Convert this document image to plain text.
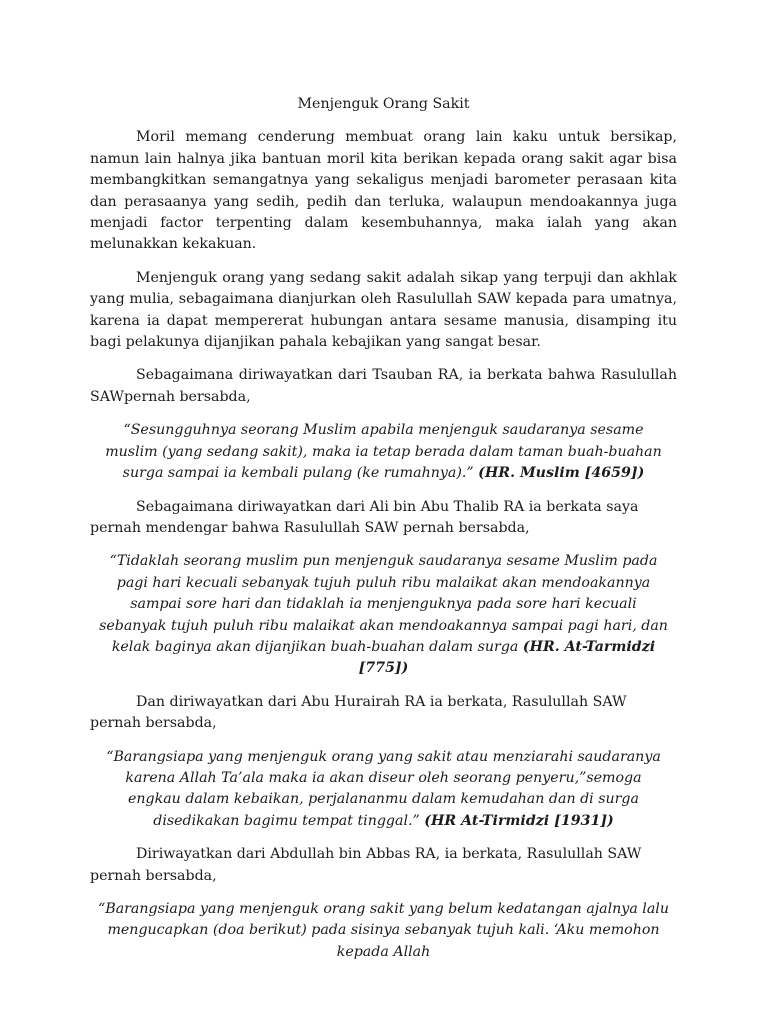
Menjenguk Orang Sakit

Moril memang cenderung membuat orang lain kaku untuk bersikap, namun lain halnya jika bantuan moril kita berikan kepada orang sakit agar bisa membangkitkan semangatnya yang sekaligus menjadi barometer perasaan kita dan perasaanya yang sedih, pedih dan terluka, walaupun mendoakannya juga menjadi factor terpenting dalam kesembuhannya, maka ialah yang akan melunakkan kekakuan.

Menjenguk orang yang sedang sakit adalah sikap yang terpuji dan akhlak yang mulia, sebagaimana dianjurkan oleh Rasulullah SAW kepada para umatnya, karena ia dapat mempererat hubungan antara sesame manusia, disamping itu bagi pelakunya dijanjikan pahala kebajikan yang sangat besar.

Sebagaimana diriwayatkan dari Tsauban RA, ia berkata bahwa Rasulullah SAWpernah bersabda,

“Sesungguhnya seorang Muslim apabila menjenguk saudaranya sesame muslim (yang sedang sakit), maka ia tetap berada dalam taman buah-buahan surga sampai ia kembali pulang (ke rumahnya).” (HR. Muslim [4659])

Sebagaimana diriwayatkan dari Ali bin Abu Thalib RA ia berkata saya pernah mendengar bahwa Rasulullah SAW pernah bersabda,

“Tidaklah seorang muslim pun menjenguk saudaranya sesame Muslim pada pagi hari kecuali sebanyak tujuh puluh ribu malaikat akan mendoakannya sampai sore hari dan tidaklah ia menjenguknya pada sore hari kecuali sebanyak tujuh puluh ribu malaikat akan mendoakannya sampai pagi hari, dan kelak baginya akan dijanjikan buah-buahan dalam surga (HR. At-Tarmidzi [775])

Dan diriwayatkan dari Abu Hurairah RA ia berkata, Rasulullah SAW pernah bersabda,

“Barangsiapa yang menjenguk orang yang sakit atau menziarahi saudaranya karena Allah Ta’ala maka ia akan diseur oleh seorang penyeru,”semoga engkau dalam kebaikan, perjalananmu dalam kemudahan dan di surga disedikakan bagimu tempat tinggal.” (HR At-Tirmidzi [1931])

Diriwayatkan dari Abdullah bin Abbas RA, ia berkata, Rasulullah SAW pernah bersabda,

“Barangsiapa yang menjenguk orang sakit yang belum kedatangan ajalnya lalu mengucapkan (doa berikut) pada sisinya sebanyak tujuh kali. ‘Aku memohon kepada Allah
